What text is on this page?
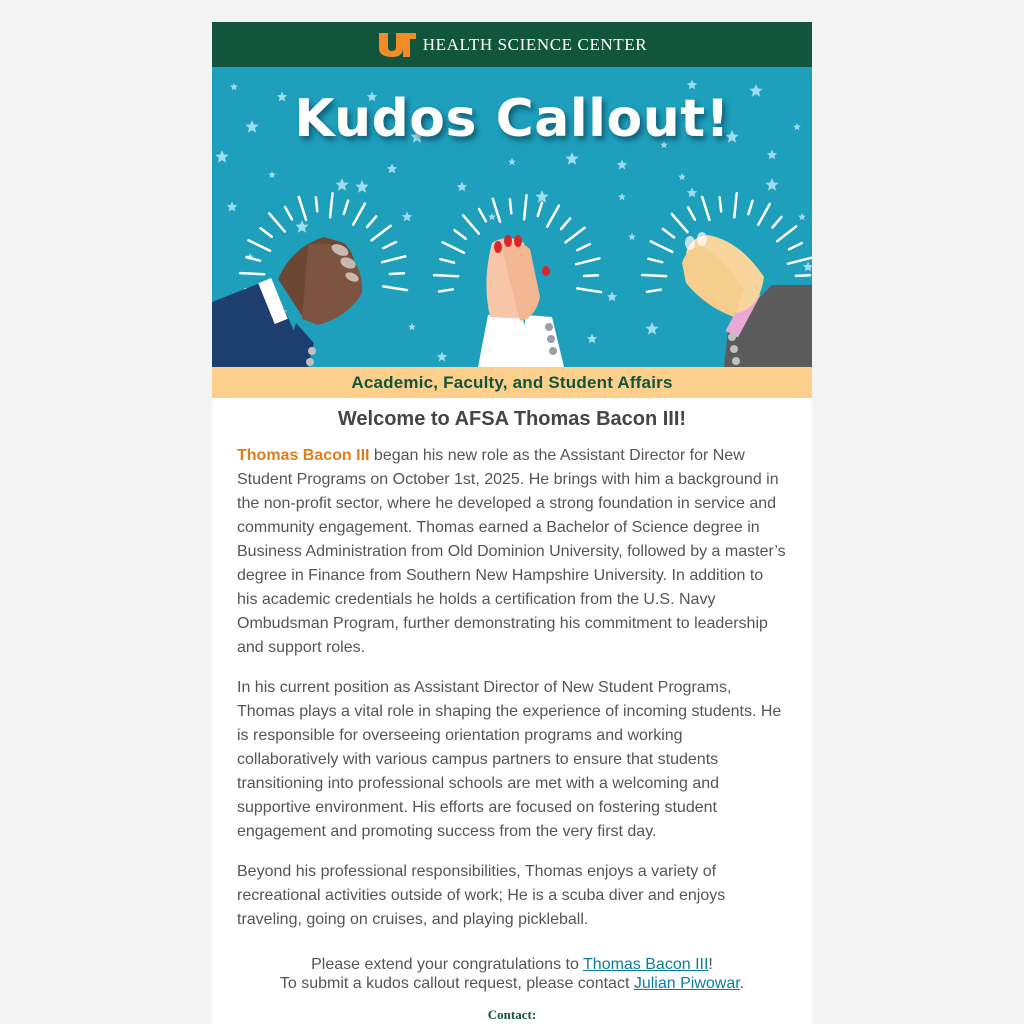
HEALTH SCIENCE CENTER
Kudos Callout!
Academic, Faculty, and Student Affairs
Welcome to AFSA Thomas Bacon III!

Thomas Bacon III began his new role as the Assistant Director for New Student Programs on October 1st, 2025. He brings with him a background in the non-profit sector, where he developed a strong foundation in service and community engagement. Thomas earned a Bachelor of Science degree in Business Administration from Old Dominion University, followed by a master’s degree in Finance from Southern New Hampshire University. In addition to his academic credentials he holds a certification from the U.S. Navy Ombudsman Program, further demonstrating his commitment to leadership and support roles.

In his current position as Assistant Director of New Student Programs, Thomas plays a vital role in shaping the experience of incoming students. He is responsible for overseeing orientation programs and working collaboratively with various campus partners to ensure that students transitioning into professional schools are met with a welcoming and supportive environment. His efforts are focused on fostering student engagement and promoting success from the very first day.

Beyond his professional responsibilities, Thomas enjoys a variety of recreational activities outside of work; He is a scuba diver and enjoys traveling, going on cruises, and playing pickleball.

Please extend your congratulations to Thomas Bacon III!
To submit a kudos callout request, please contact Julian Piwowar.
Contact:
